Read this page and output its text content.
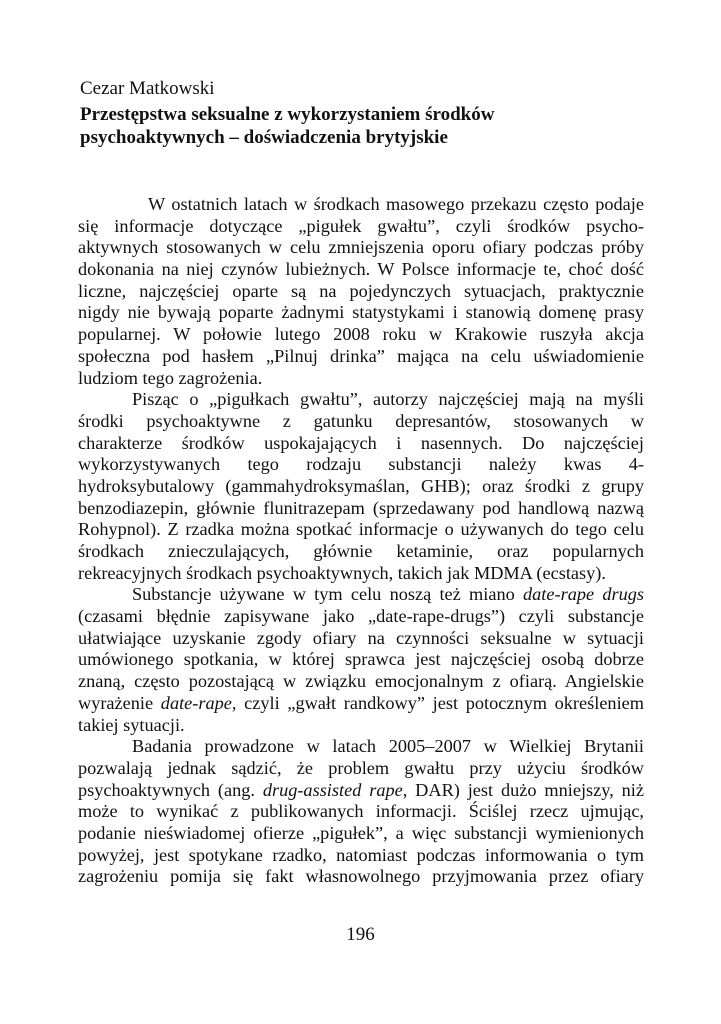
Cezar Matkowski
Przestępstwa seksualne z wykorzystaniem środków
psychoaktywnych – doświadczenia brytyjskie
W ostatnich latach w środkach masowego przekazu często podaje
się informacje dotyczące „pigułek gwałtu”, czyli środków psycho-
aktywnych stosowanych w celu zmniejszenia oporu ofiary podczas próby
dokonania na niej czynów lubieżnych. W Polsce informacje te, choć dość
liczne, najczęściej oparte są na pojedynczych sytuacjach, praktycznie
nigdy nie bywają poparte żadnymi statystykami i stanowią domenę prasy
popularnej. W połowie lutego 2008 roku w Krakowie ruszyła akcja
społeczna pod hasłem „Pilnuj drinka” mająca na celu uświadomienie
ludziom tego zagrożenia.
Pisząc o „pigułkach gwałtu”, autorzy najczęściej mają na myśli
środki psychoaktywne z gatunku depresantów, stosowanych w
charakterze środków uspokajających i nasennych. Do najczęściej
wykorzystywanych tego rodzaju substancji należy kwas 4-
hydroksybutalowy (gammahydroksymaślan, GHB); oraz środki z grupy
benzodiazepin, głównie flunitrazepam (sprzedawany pod handlową nazwą
Rohypnol). Z rzadka można spotkać informacje o używanych do tego celu
środkach znieczulających, głównie ketaminie, oraz popularnych
rekreacyjnych środkach psychoaktywnych, takich jak MDMA (ecstasy).
Substancje używane w tym celu noszą też miano date-rape drugs
(czasami błędnie zapisywane jako „date-rape-drugs”) czyli substancje
ułatwiające uzyskanie zgody ofiary na czynności seksualne w sytuacji
umówionego spotkania, w której sprawca jest najczęściej osobą dobrze
znaną, często pozostającą w związku emocjonalnym z ofiarą. Angielskie
wyrażenie date-rape, czyli „gwałt randkowy” jest potocznym określeniem
takiej sytuacji.
Badania prowadzone w latach 2005–2007 w Wielkiej Brytanii
pozwalają jednak sądzić, że problem gwałtu przy użyciu środków
psychoaktywnych (ang. drug-assisted rape, DAR) jest dużo mniejszy, niż
może to wynikać z publikowanych informacji. Ściślej rzecz ujmując,
podanie nieświadomej ofierze „pigułek”, a więc substancji wymienionych
powyżej, jest spotykane rzadko, natomiast podczas informowania o tym
zagrożeniu pomija się fakt własnowolnego przyjmowania przez ofiary
196
